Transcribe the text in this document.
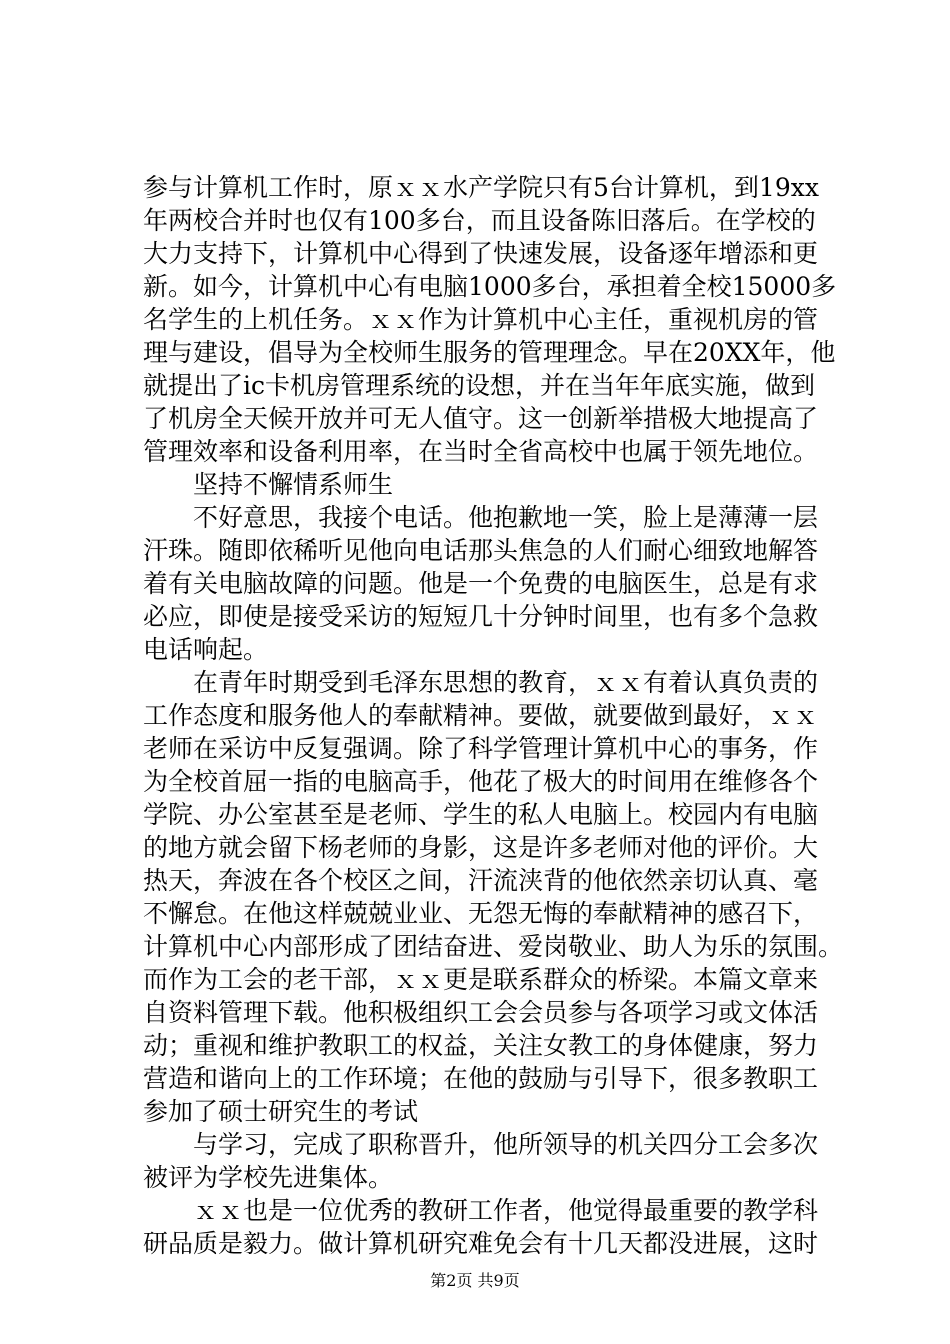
参与计算机工作时，原ｘｘ水产学院只有5台计算机，到19xx
年两校合并时也仅有100多台，而且设备陈旧落后。在学校的
大力支持下，计算机中心得到了快速发展，设备逐年增添和更
新。如今，计算机中心有电脑1000多台，承担着全校15000多
名学生的上机任务。ｘｘ作为计算机中心主任，重视机房的管
理与建设，倡导为全校师生服务的管理理念。早在20XX年，他
就提出了ic卡机房管理系统的设想，并在当年年底实施，做到
了机房全天候开放并可无人值守。这一创新举措极大地提高了
管理效率和设备利用率，在当时全省高校中也属于领先地位。
　　坚持不懈情系师生
　　不好意思，我接个电话。他抱歉地一笑，脸上是薄薄一层
汗珠。随即依稀听见他向电话那头焦急的人们耐心细致地解答
着有关电脑故障的问题。他是一个免费的电脑医生，总是有求
必应，即使是接受采访的短短几十分钟时间里，也有多个急救
电话响起。
　　在青年时期受到毛泽东思想的教育，ｘｘ有着认真负责的
工作态度和服务他人的奉献精神。要做，就要做到最好，ｘｘ
老师在采访中反复强调。除了科学管理计算机中心的事务，作
为全校首屈一指的电脑高手，他花了极大的时间用在维修各个
学院、办公室甚至是老师、学生的私人电脑上。校园内有电脑
的地方就会留下杨老师的身影，这是许多老师对他的评价。大
热天，奔波在各个校区之间，汗流浃背的他依然亲切认真、毫
不懈怠。在他这样兢兢业业、无怨无悔的奉献精神的感召下，
计算机中心内部形成了团结奋进、爱岗敬业、助人为乐的氛围。
而作为工会的老干部，ｘｘ更是联系群众的桥梁。本篇文章来
自资料管理下载。他积极组织工会会员参与各项学习或文体活
动；重视和维护教职工的权益，关注女教工的身体健康，努力
营造和谐向上的工作环境；在他的鼓励与引导下，很多教职工
参加了硕士研究生的考试
　　与学习，完成了职称晋升，他所领导的机关四分工会多次
被评为学校先进集体。
　　ｘｘ也是一位优秀的教研工作者，他觉得最重要的教学科
研品质是毅力。做计算机研究难免会有十几天都没进展，这时
第2页 共9页
